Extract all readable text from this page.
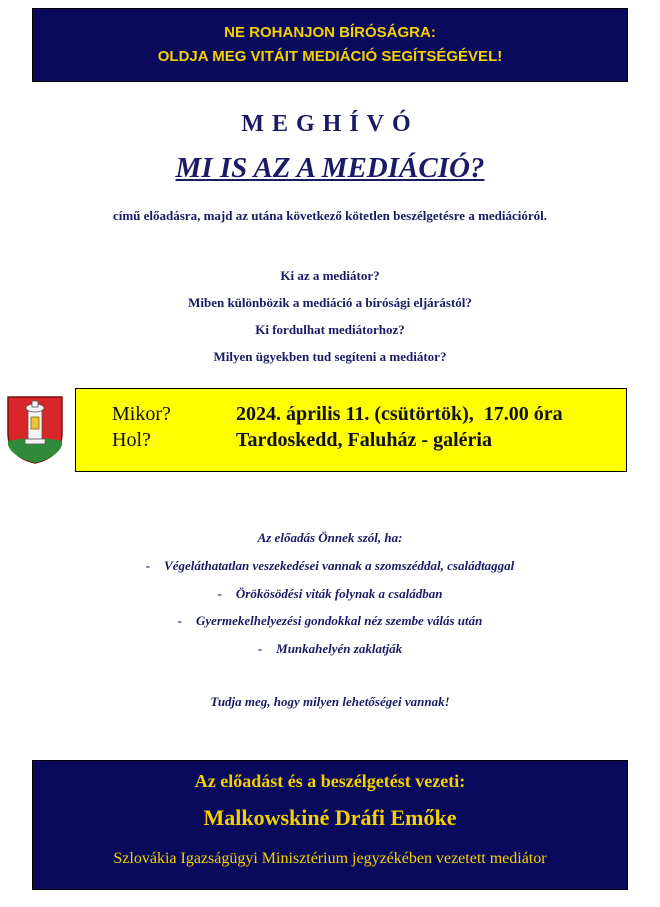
NE ROHANJON BÍRÓSÁGRA:
OLDJA MEG VITÁIT MEDIÁCIÓ SEGÍTSÉGÉVEL!
MEGHÍVÓ
MI IS AZ A MEDIÁCIÓ?
című előadásra, majd az utána következő kötetlen beszélgetésre a mediációról.
Ki az a mediátor?
Miben különbözik a mediáció a bírósági eljárástól?
Ki fordulhat mediátorhoz?
Milyen ügyekben tud segíteni a mediátor?
Mikor?	2024. április 11. (csütörtök),  17.00 óra
Hol?	Tardoskedd, Faluház - galéria
Az előadás Önnek szól, ha:
- Végeláthatatlan veszekedései vannak a szomszéddal, családtaggal
- Örökösödési viták folynak a családban
- Gyermekelhelyezési gondokkal néz szembe válás után
- Munkahelyén zaklatják
Tudja meg, hogy milyen lehetőségei vannak!
Az előadást és a beszélgetést vezeti:
Malkowskiné Dráfi Emőke
Szlovákia Igazságügyi Minisztérium jegyzékében vezetett mediátor
